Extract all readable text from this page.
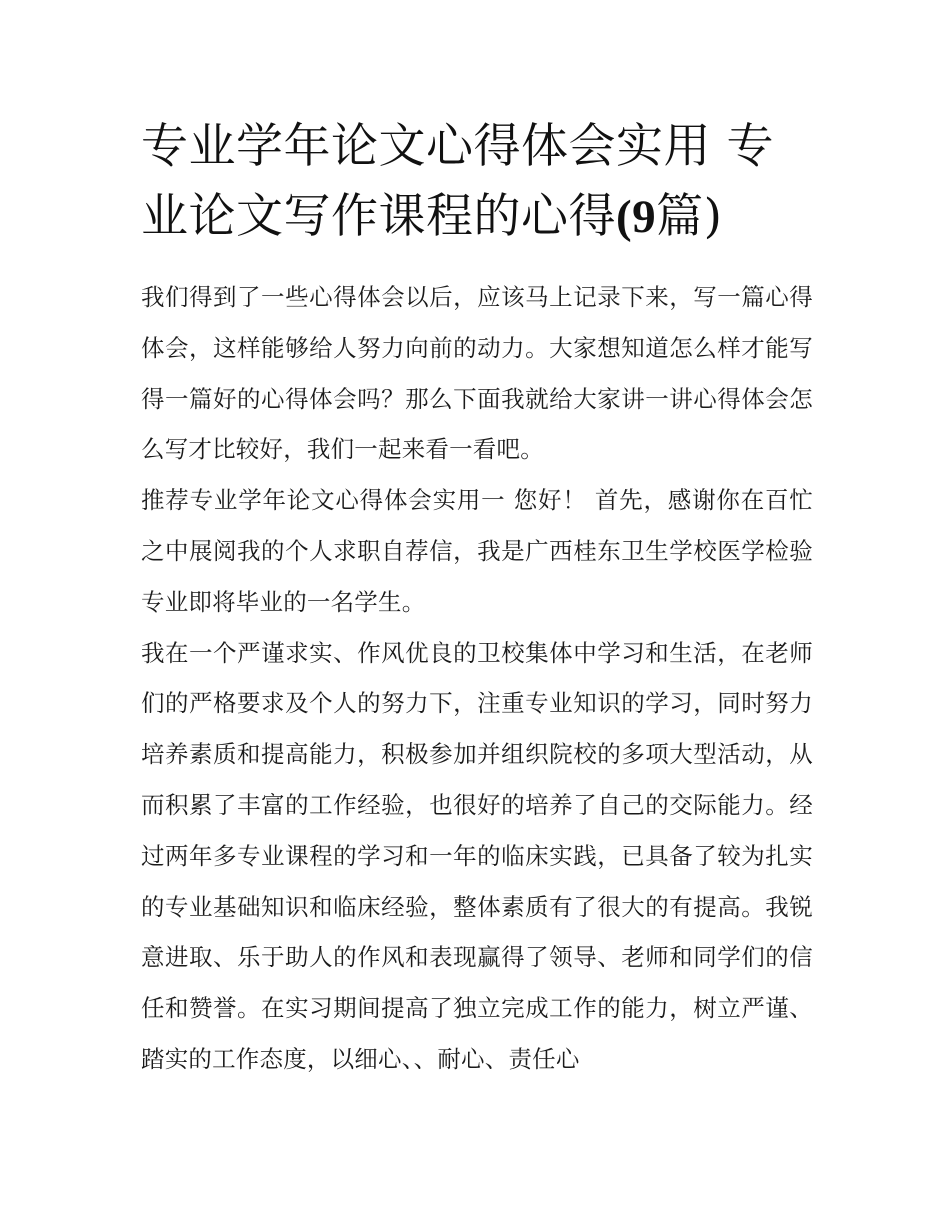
专业学年论文心得体会实用 专
业论文写作课程的心得(9篇)

我们得到了一些心得体会以后，应该马上记录下来，写一篇心得体会，这样能够给人努力向前的动力。大家想知道怎么样才能写得一篇好的心得体会吗？那么下面我就给大家讲一讲心得体会怎么写才比较好，我们一起来看一看吧。

推荐专业学年论文心得体会实用一 您好！ 首先，感谢你在百忙之中展阅我的个人求职自荐信，我是广西桂东卫生学校医学检验专业即将毕业的一名学生。

我在一个严谨求实、作风优良的卫校集体中学习和生活，在老师们的严格要求及个人的努力下，注重专业知识的学习，同时努力培养素质和提高能力，积极参加并组织院校的多项大型活动，从而积累了丰富的工作经验，也很好的培养了自己的交际能力。经过两年多专业课程的学习和一年的临床实践，已具备了较为扎实的专业基础知识和临床经验，整体素质有了很大的有提高。我锐意进取、乐于助人的作风和表现赢得了领导、老师和同学们的信任和赞誉。在实习期间提高了独立完成工作的能力，树立严谨、踏实的工作态度，以细心、、耐心、责任心
